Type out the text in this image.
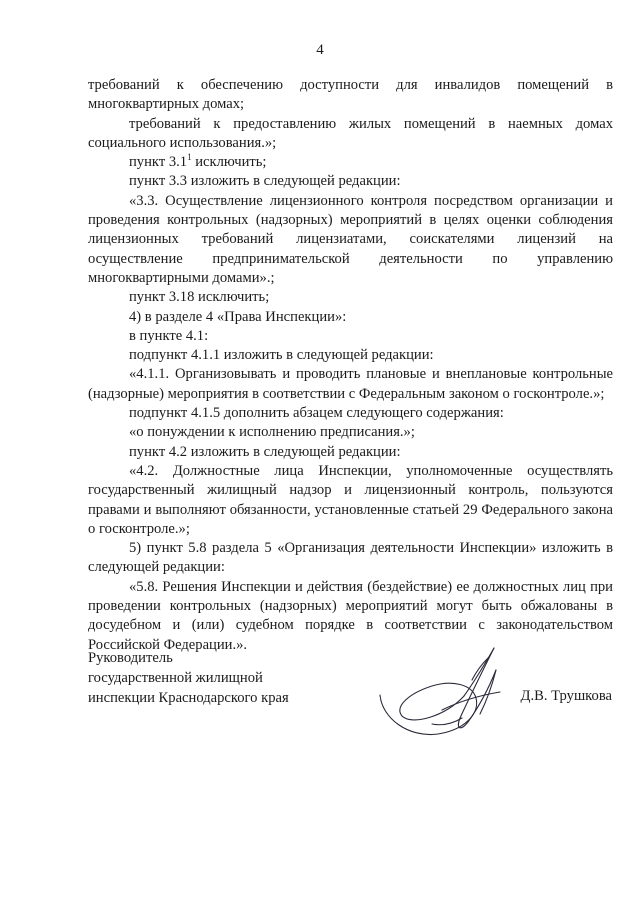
4

требований к обеспечению доступности для инвалидов помещений в многоквартирных домах;

требований к предоставлению жилых помещений в наемных домах социального использования.»;

пункт $3.1^1$ исключить;

пункт 3.3 изложить в следующей редакции:

«3.3. Осуществление лицензионного контроля посредством организации и проведения контрольных (надзорных) мероприятий в целях оценки соблюдения лицензионных требований лицензиатами, соискателями лицензий на осуществление предпринимательской деятельности по управлению многоквартирными домами».;

пункт 3.18 исключить;

4) в разделе 4 «Права Инспекции»:

в пункте 4.1:

подпункт 4.1.1 изложить в следующей редакции:

«4.1.1. Организовывать и проводить плановые и внеплановые контрольные (надзорные) мероприятия в соответствии с Федеральным законом о госконтроле.»;

подпункт 4.1.5 дополнить абзацем следующего содержания:

«о понуждении к исполнению предписания.»;

пункт 4.2 изложить в следующей редакции:

«4.2. Должностные лица Инспекции, уполномоченные осуществлять государственный жилищный надзор и лицензионный контроль, пользуются правами и выполняют обязанности, установленные статьей 29 Федерального закона о госконтроле.»;

5) пункт 5.8 раздела 5 «Организация деятельности Инспекции» изложить в следующей редакции:

«5.8. Решения Инспекции и действия (бездействие) ее должностных лиц при проведении контрольных (надзорных) мероприятий могут быть обжалованы в досудебном и (или) судебном порядке в соответствии с законодательством Российской Федерации.».

Руководитель
государственной жилищной
инспекции Краснодарского края	Д.В. Трушкова
